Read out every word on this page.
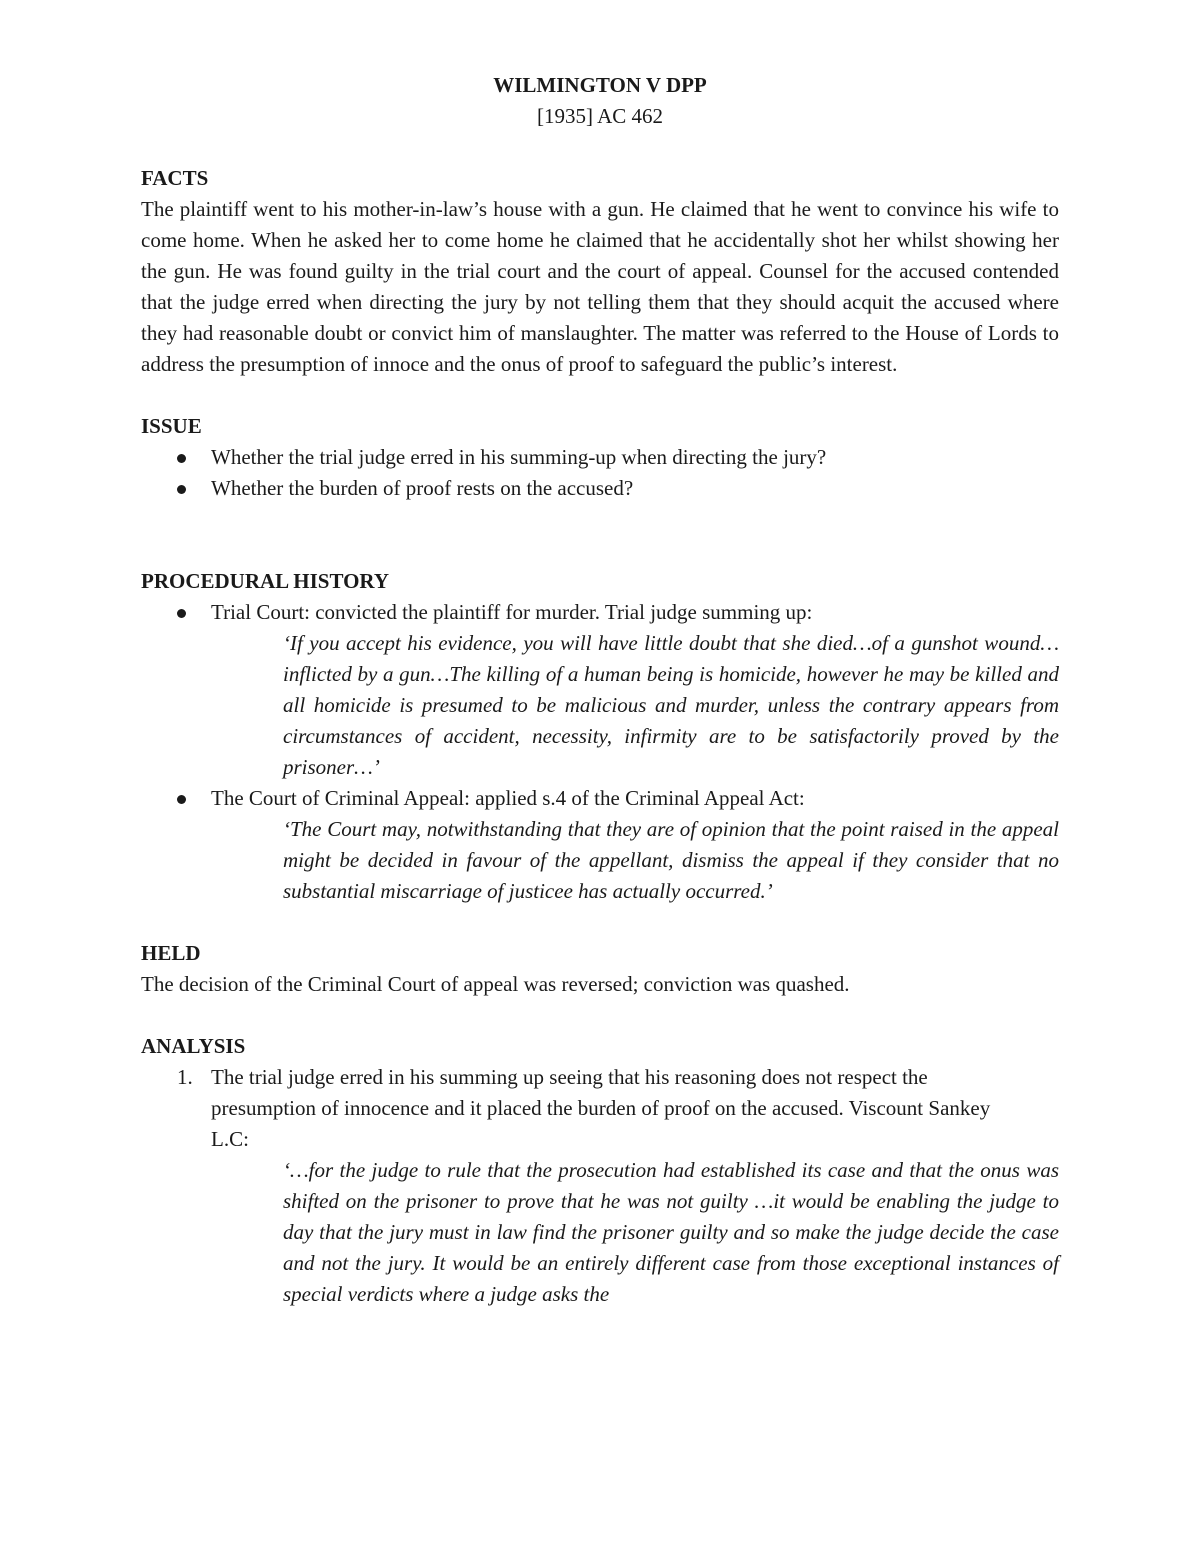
WILMINGTON V DPP

[1935] AC 462

FACTS

The plaintiff went to his mother-in-law’s house with a gun. He claimed that he went to convince his wife to come home. When he asked her to come home he claimed that he accidentally shot her whilst showing her the gun. He was found guilty in the trial court and the court of appeal. Counsel for the accused contended that the judge erred when directing the jury by not telling them that they should acquit the accused where they had reasonable doubt or convict him of manslaughter. The matter was referred to the House of Lords to address the presumption of innoce and the onus of proof to safeguard the public’s interest.

ISSUE

Whether the trial judge erred in his summing-up when directing the jury?
Whether the burden of proof rests on the accused?

PROCEDURAL HISTORY

Trial Court: convicted the plaintiff for murder. Trial judge summing up:

‘If you accept his evidence, you will have little doubt that she died…of a gunshot wound…inflicted by a gun…The killing of a human being is homicide, however he may be killed and all homicide is presumed to be malicious and murder, unless the contrary appears from circumstances of accident, necessity, infirmity are to be satisfactorily proved by the prisoner…’

The Court of Criminal Appeal: applied s.4 of the Criminal Appeal Act:

‘The Court may, notwithstanding that they are of opinion that the point raised in the appeal might be decided in favour of the appellant, dismiss the appeal if they consider that no substantial miscarriage of justicee has actually occurred.’

HELD

The decision of the Criminal Court of appeal was reversed; conviction was quashed.

ANALYSIS

1. The trial judge erred in his summing up seeing that his reasoning does not respect the presumption of innocence and it placed the burden of proof on the accused. Viscount Sankey L.C:

‘…for the judge to rule that the prosecution had established its case and that the onus was shifted on the prisoner to prove that he was not guilty …it would be enabling the judge to day that the jury must in law find the prisoner guilty and so make the judge decide the case and not the jury. It would be an entirely different case from those exceptional instances of special verdicts where a judge asks the
